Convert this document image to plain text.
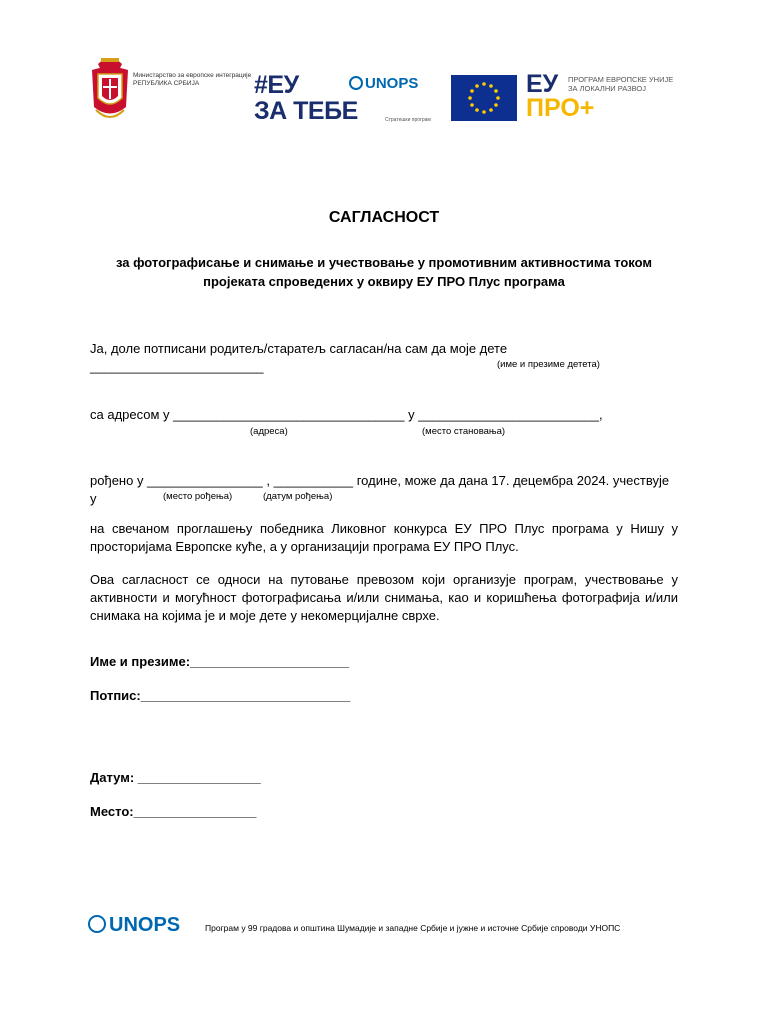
Министарство за европске интеграције
РЕПУБЛИКА СРБИЈА	#ЕУ
ЗА ТЕБЕ
UNOPS
Стратешки програм
ЕУ
ПРО+
ПРОГРАМ ЕВРОПСКЕ УНИЈЕ
ЗА ЛОКАЛНИ РАЗВОЈ
САГЛАСНОСТ
за фотографисање и снимање и учествовање у промотивним активностима током пројеката спроведених у оквиру ЕУ ПРО Плус програма
Ја, доле потписани родитељ/старатељ сагласан/на сам да моје дете ________________________	(име и презиме детета)
са адресом у ________________________________ у _________________________,
(адреса)	(место становања)
рођено у ________________ , ___________ године, може да дана 17. децембра 2024. учествује у	(место рођења)	(датум рођења)
на свечаном проглашењу победника Ликовног конкурса ЕУ ПРО Плус програма у Нишу у просторијама Европске куће, а у организацији програма ЕУ ПРО Плус.
Ова сагласност се односи на путовање превозом који организује програм, учествовање у активности и могућност фотографисања и/или снимања, као и коришћења фотографија и/или снимака на којима је и моје дете у некомерцијалне сврхе.
Име и презиме:______________________
Потпис:_____________________________
Датум: _________________
Место:_________________
UNOPS	Програм у 99 градова и општина Шумадије и западне Србије и јужне и источне Србије спроводи УНОПС
